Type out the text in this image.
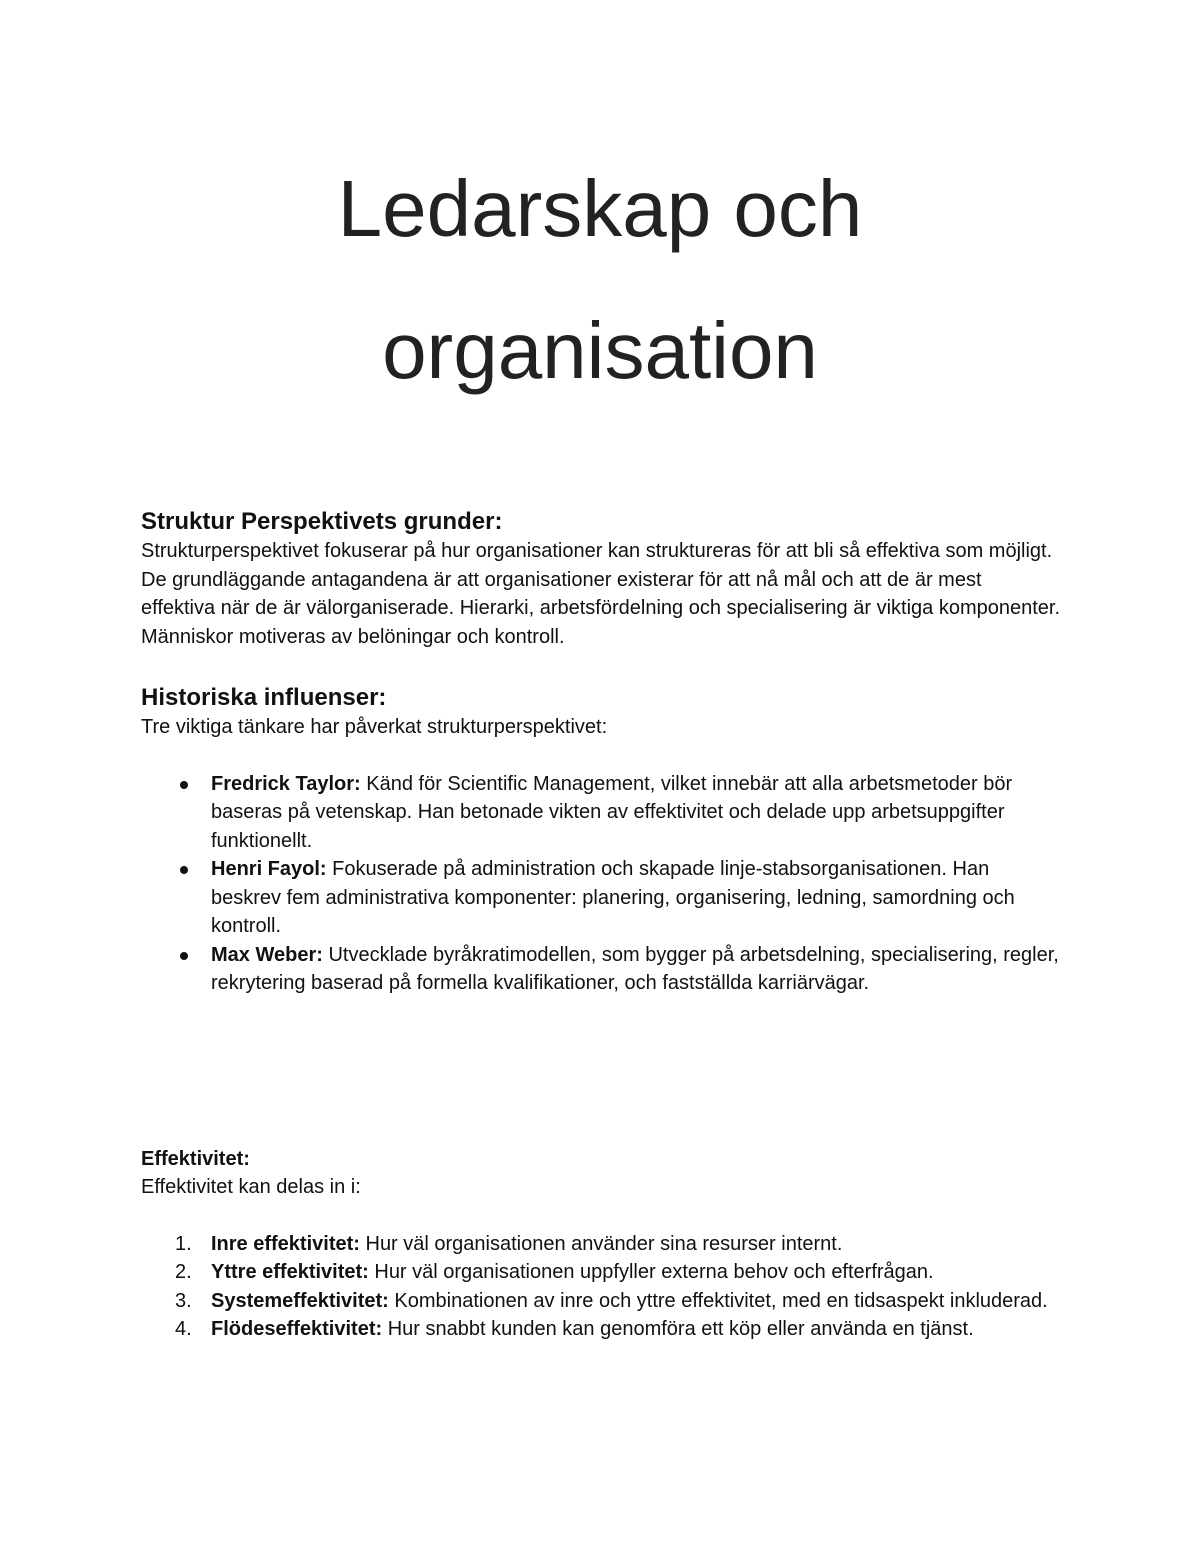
Ledarskap och
organisation
Struktur Perspektivets grunder:

Strukturperspektivet fokuserar på hur organisationer kan struktureras för att bli så effektiva som möjligt. De grundläggande antagandena är att organisationer existerar för att nå mål och att de är mest effektiva när de är välorganiserade. Hierarki, arbetsfördelning och specialisering är viktiga komponenter. Människor motiveras av belöningar och kontroll.

Historiska influenser:

Tre viktiga tänkare har påverkat strukturperspektivet:

Fredrick Taylor: Känd för Scientific Management, vilket innebär att alla arbetsmetoder bör baseras på vetenskap. Han betonade vikten av effektivitet och delade upp arbetsuppgifter funktionellt.
Henri Fayol: Fokuserade på administration och skapade linje-stabsorganisationen. Han beskrev fem administrativa komponenter: planering, organisering, ledning, samordning och kontroll.
Max Weber: Utvecklade byråkratimodellen, som bygger på arbetsdelning, specialisering, regler, rekrytering baserad på formella kvalifikationer, och fastställda karriärvägar.
Effektivitet:

Effektivitet kan delas in i:

1. Inre effektivitet: Hur väl organisationen använder sina resurser internt.
2. Yttre effektivitet: Hur väl organisationen uppfyller externa behov och efterfrågan.
3. Systemeffektivitet: Kombinationen av inre och yttre effektivitet, med en tidsaspekt inkluderad.
4. Flödeseffektivitet: Hur snabbt kunden kan genomföra ett köp eller använda en tjänst.
